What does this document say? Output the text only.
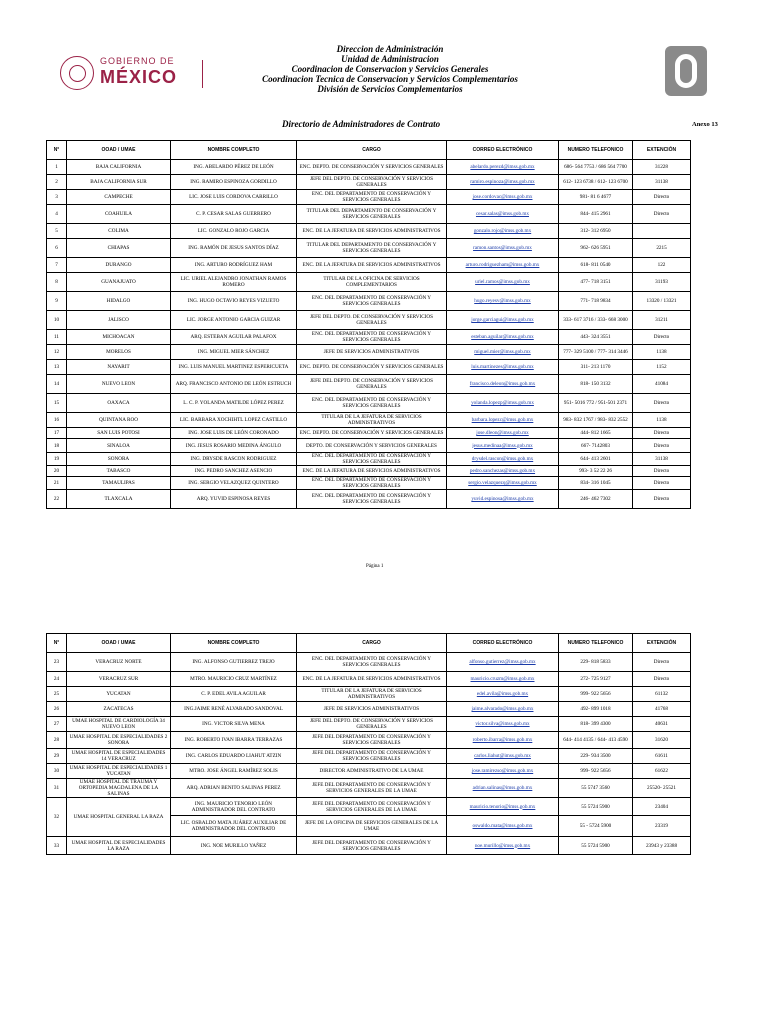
GOBIERNO DE
MÉXICO
Direccion de Administración
Unidad de Administracion
Coordinacion de Conservacion y Servicios Generales
Coordinacion Tecnica de Conservacion y Servicios Complementarios
División de Servicios Complementarios
Directorio de Administradores de Contrato	Anexo 13
N°	OOAD / UMAE	NOMBRE COMPLETO	CARGO	CORREO ELECTRÓNICO	NUMERO TELEFONICO	EXTENCIÓN
1	BAJA CALIFORNIA	ING. ABELARDO PÉREZ DE LEÓN	ENC. DEPTO. DE CONSERVACIÓN Y SERVICIOS GENERALES	abelardo.perezd@imss.gob.mx	686- 564 7753 / 686 564 7700	31228
2	BAJA CALIFORNIA SUR	ING. RAMIRO ESPINOZA GORDILLO	JEFE DEL DEPTO. DE CONSERVACIÓN Y SERVICIOS GENERALES	ramiro.espinoza@imss.gob.mx	612- 123 6738 / 612- 123 6700	31138
3	CAMPECHE	LIC. JOSE LUIS CORDOVA CARRILLO	ENC. DEL DEPARTAMENTO DE CONSERVACIÓN Y SERVICIOS GENERALES	jose.cordovac@imss.gob.mx	981- 81 6 4677	Directo
4	COAHUILA	C. P. CESAR SALAS GUERRERO	TITULAR DEL DEPARTAMENTO DE CONSERVACIÓN Y SERVICIOS GENERALES	cesar.salas@imss.gob.mx	844- 415 2961	Directo
5	COLIMA	LIC. GONZALO ROJO GARCIA	ENC. DE LA JEFATURA DE SERVICIOS ADMINISTRATIVOS	gonzalo.rojo@imss.gob.mx	312- 312 6950	
6	CHIAPAS	ING. RAMÓN DE JESUS SANTOS DÍAZ	TITULAR DEL DEPARTAMENTO DE CONSERVACIÓN Y SERVICIOS GENERALES	ramon.santos@imss.gob.mx	962- 626 5951	2215
7	DURANGO	ING. ARTURO RODRÍGUEZ HAM	ENC. DE LA JEFATURA DE SERVICIOS ADMINISTRATIVOS	arturo.rodriguezham@imss.gob.mx	618- 811 0540	122
8	GUANAJUATO	LIC. URIEL ALEJANDRO JONATHAN RAMOS ROMERO	TITULAR DE LA OFICINA DE SERVICIOS COMPLEMENTARIOS	uriel.ramos@imss.gob.mx	477- 718 3151	31193
9	HIDALGO	ING. HUGO OCTAVIO REYES VIZUETO	ENC. DEL DEPARTAMENTO DE CONSERVACIÓN Y SERVICIOS GENERALES	hugo.reyesv@imss.gob.mx	771- 718 9834	13320 / 13321
10	JALISCO	LIC. JORGE ANTONIO GARCIA GUIZAR	JEFE DEL DEPTO. DE CONSERVACIÓN Y SERVICIOS GENERALES	jorge.garciagui@imss.gob.mx	333- 617 3716 / 333- 668 3000	31211
11	MICHOACAN	ARQ. ESTEBAN AGUILAR PALAFOX	ENC. DEL DEPARTAMENTO DE CONSERVACIÓN Y SERVICIOS GENERALES	esteban.aguilar@imss.gob.mx	443- 324 3551	Directo
12	MORELOS	ING. MIGUEL MIER SÁNCHEZ	JEFE DE SERVICIOS ADMINISTRATIVOS	miguel.mier@imss.gob.mx	777- 329 5100 / 777- 314 3446	1138
13	NAYARIT	ING. LUIS MANUEL MARTINEZ ESPERICUETA	ENC. DEPTO. DE CONSERVACIÓN Y SERVICIOS GENERALES	luis.martinezes@imss.gob.mx	311- 213 1170	1152
14	NUEVO LEON	ARQ. FRANCISCO ANTONIO DE LEÓN ESTRUCH	JEFE DEL DEPTO. DE CONSERVACIÓN Y SERVICIOS GENERALES	francisco.deleon@imss.gob.mx	818- 150 3132	41084
15	OAXACA	L. C. P. YOLANDA MATILDE LÓPEZ PEREZ	ENC. DEL DEPARTAMENTO DE CONSERVACIÓN Y SERVICIOS GENERALES	yolanda.lopezp@imss.gob.mx	951- 5016 772 / 951-501 2371	Directo
16	QUINTANA ROO	LIC. BARBARA XOCHIHTL LOPEZ CASTILLO	TITULAR DE LA JEFATURA DE SERVICIOS ADMINISTRATIVOS	barbara.lopezc@imss.gob.mx	983- 832 1767 / 983- 832 2552	1138
17	SAN LUIS POTOSI	ING. JOSE LUIS DE LEÓN CORONADO	ENC. DEPTO. DE CONSERVACIÓN Y SERVICIOS GENERALES	jose.dleon@imss.gob.mx	444- 812 1665	Directo
18	SINALOA	ING. JESUS ROSARIO MEDINA ÁNGULO	DEPTO. DE CONSERVACIÓN Y SERVICIOS GENERALES	jesus.medinaa@imss.gob.mx	667- 7142803	Directo
19	SONORA	ING. DRYSDE RASCON RODRIGUEZ	ENC. DEL DEPARTAMENTO DE CONSERVACIÓN Y SERVICIOS GENERALES	drysdel.rascon@imss.gob.mx	644- 413 2601	31138
20	TABASCO	ING. PEDRO SANCHEZ ASENCIO	ENC. DE LA JEFATURA DE SERVICIOS ADMINISTRATIVOS	pedro.sanchezas@imss.gob.mx	993- 3 52 22 26	Directo
21	TAMAULIPAS	ING. SERGIO VELAZQUEZ QUINTERO	ENC. DEL DEPARTAMENTO DE CONSERVACIÓN Y SERVICIOS GENERALES	sergio.velazquezq@imss.gob.mx	834- 316 1045	Directo
22	TLAXCALA	ARQ. YUVID ESPINOSA REYES	ENC. DEL DEPARTAMENTO DE CONSERVACIÓN Y SERVICIOS GENERALES	yuvid.espinosa@imss.gob.mx	246- 462 7302	Directo
Página 1
N°	OOAD / UMAE	NOMBRE COMPLETO	CARGO	CORREO ELECTRÓNICO	NUMERO TELEFONICO	EXTENCIÓN
23	VERACRUZ NORTE	ING. ALFONSO GUTIERREZ TREJO	ENC. DEL DEPARTAMENTO DE CONSERVACIÓN Y SERVICIOS GENERALES	alfonso.gutierrez@imss.gob.mx	229- 818 5833	Directo
24	VERACRUZ SUR	MTRO. MAURICIO CRUZ MARTÍNEZ	ENC. DE LA JEFATURA DE SERVICIOS ADMINISTRATIVOS	mauricio.cruzm@imss.gob.mx	272- 725 9127	Directo
25	YUCATAN	C. P. EDEL AVILA AGUILAR	TITULAR DE LA JEFATURA DE SERVICIOS ADMINISTRATIVOS	edel.avila@imss.gob.mx	999- 922 5656	61132
26	ZACATECAS	ING.JAIME RENÉ ALVARADO SANDOVAL	JEFE DE SERVICIOS ADMINISTRATIVOS	jaime.alvarado@imss.gob.mx	492- 899 1018	41768
27	UMAE HOSPITAL DE CARDIOLOGÍA 34 NUEVO LEON	ING. VICTOR SILVA MENA	JEFE DEL DEPTO. DE CONSERVACIÓN Y SERVICIOS GENERALES	victor.silva@imss.gob.mx	818- 399 4300	40631
28	UMAE HOSPITAL DE ESPECIALIDADES 2 SONORA	ING. ROBERTO IVAN IBARRA TERRAZAS	JEFE DEL DEPARTAMENTO DE CONSERVACIÓN Y SERVICIOS GENERALES	roberto.ibarra@imss.gob.mx	644- 414 4135 / 644- 413 4590	31620
29	UMAE HOSPITAL DE ESPECIALIDADES 14 VERACRUZ	ING. CARLOS EDUARDO LIAHUT ATZIN	JEFE DEL DEPARTAMENTO DE CONSERVACIÓN Y SERVICIOS GENERALES	carlos.liahut@imss.gob.mx	229- 934 3500	61611
30	UMAE HOSPITAL DE ESPECIALIDADES 1 YUCATAN	MTRO. JOSE ÁNGEL RAMÍREZ SOLIS	DIRECTOR ADMINISTRATIVO DE LA UMAE	jose.ramirezso@imss.gob.mx	999- 922 5656	61622
31	UMAE HOSPITAL DE TRAUMA Y ORTOPEDIA MAGDALENA DE LA SALINAS	ARQ. ADRIAN BENITO SALINAS PEREZ	JEFE DEL DEPARTAMENTO DE CONSERVACIÓN Y SERVICIOS GENERALES DE LA UMAE	adrian.salinas@imss.gob.mx	55 5747 3560	25520- 25521
32	UMAE HOSPITAL GENERAL LA RAZA	ING. MAURICIO TENORIO LEÓN ADMINISTRADOR DEL CONTRATO	JEFE DEL DEPARTAMENTO DE CONSERVACIÓN Y SERVICIOS GENERALES DE LA UMAE	mauricio.tenorio@imss.gob.mx	55 5724 5900	23404
		LIC. OSBALDO MATA JUÁREZ AUXILIAR DE ADMINISTRADOR DEL CONTRATO	JEFE DE LA OFICINA DE SERVICIOS GENERALES DE LA UMAE	oswaldo.mata@imss.gob.mx	55 - 5724 5900	23319
33	UMAE HOSPITAL DE ESPECIALIDADES LA RAZA	ING. NOE MURILLO YAÑEZ	JEFE DEL DEPARTAMENTO DE CONSERVACIÓN Y SERVICIOS GENERALES	noe.murillo@imss.gob.mx	55 5724 5900	23943 y 23388
